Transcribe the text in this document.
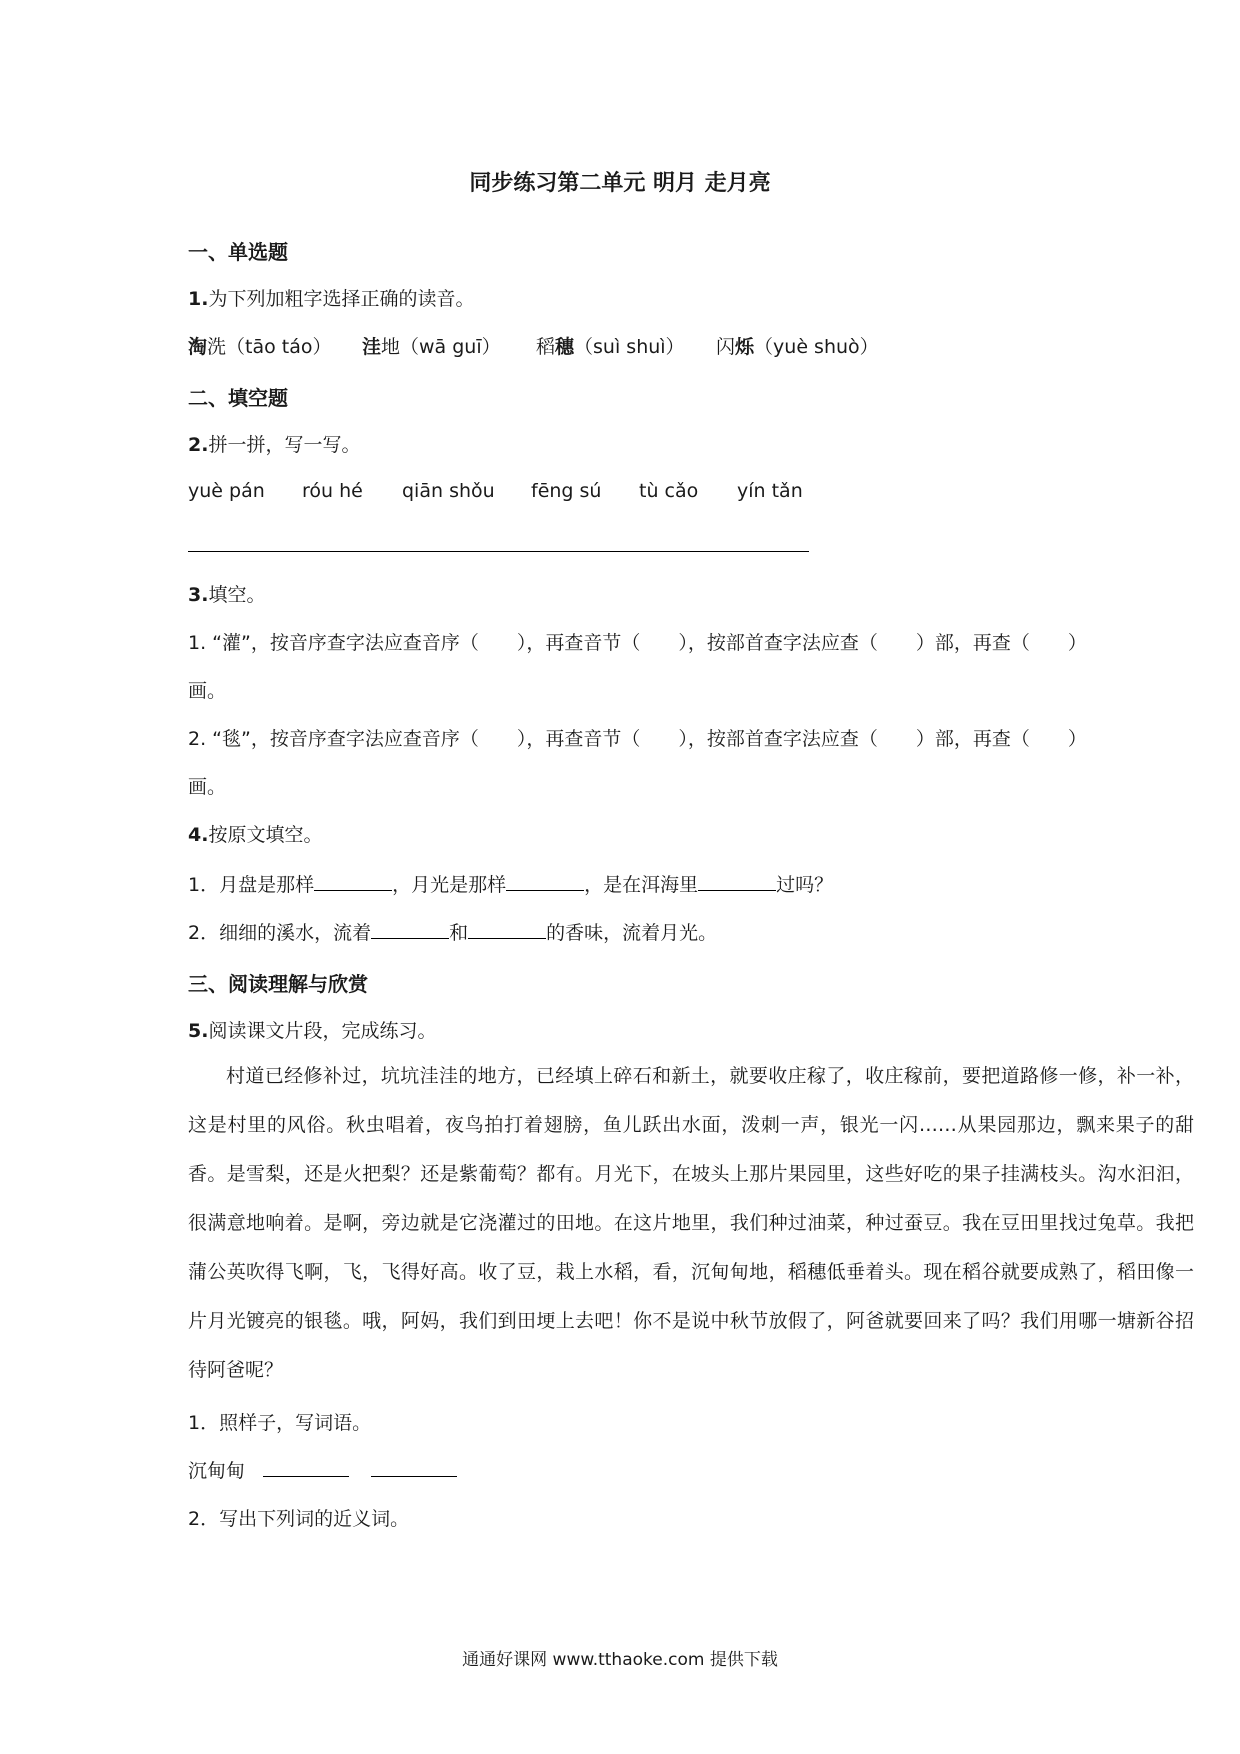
同步练习第二单元 明月 走月亮
一、单选题
1.为下列加粗字选择正确的读音。
淘洗（tāo táo） 洼地（wā guī） 稻穗（suì shuì） 闪烁（yuè shuò）
二、填空题
2.拼一拼，写一写。
yuè pán róu hé qiān shǒu fēng sú tù cǎo yín tǎn
3.填空。
1. “灌”，按音序查字法应查音序（　　），再查音节（　　），按部首查字法应查（　　）部，再查（　　）
画。
2. “毯”，按音序查字法应查音序（　　），再查音节（　　），按部首查字法应查（　　）部，再查（　　）
画。
4.按原文填空。
1．月盘是那样	，月光是那样	，是在洱海里	过吗？
2．细细的溪水，流着	和	的香味，流着月光。
三、阅读理解与欣赏
5.阅读课文片段，完成练习。
村道已经修补过，坑坑洼洼的地方，已经填上碎石和新土，就要收庄稼了，收庄稼前，要把道路修一修，补一补，这是村里的风俗。秋虫唱着，夜鸟拍打着翅膀，鱼儿跃出水面，泼刺一声，银光一闪……从果园那边，飘来果子的甜香。是雪梨，还是火把梨？还是紫葡萄？都有。月光下，在坡头上那片果园里，这些好吃的果子挂满枝头。沟水汩汩，很满意地响着。是啊，旁边就是它浇灌过的田地。在这片地里，我们种过油菜，种过蚕豆。我在豆田里找过兔草。我把蒲公英吹得飞啊，飞，飞得好高。收了豆，栽上水稻，看，沉甸甸地，稻穗低垂着头。现在稻谷就要成熟了，稻田像一片月光镀亮的银毯。哦，阿妈，我们到田埂上去吧！你不是说中秋节放假了，阿爸就要回来了吗？我们用哪一塘新谷招待阿爸呢？
1．照样子，写词语。
沉甸甸
2．写出下列词的近义词。
通通好课网 www.tthaoke.com 提供下载
